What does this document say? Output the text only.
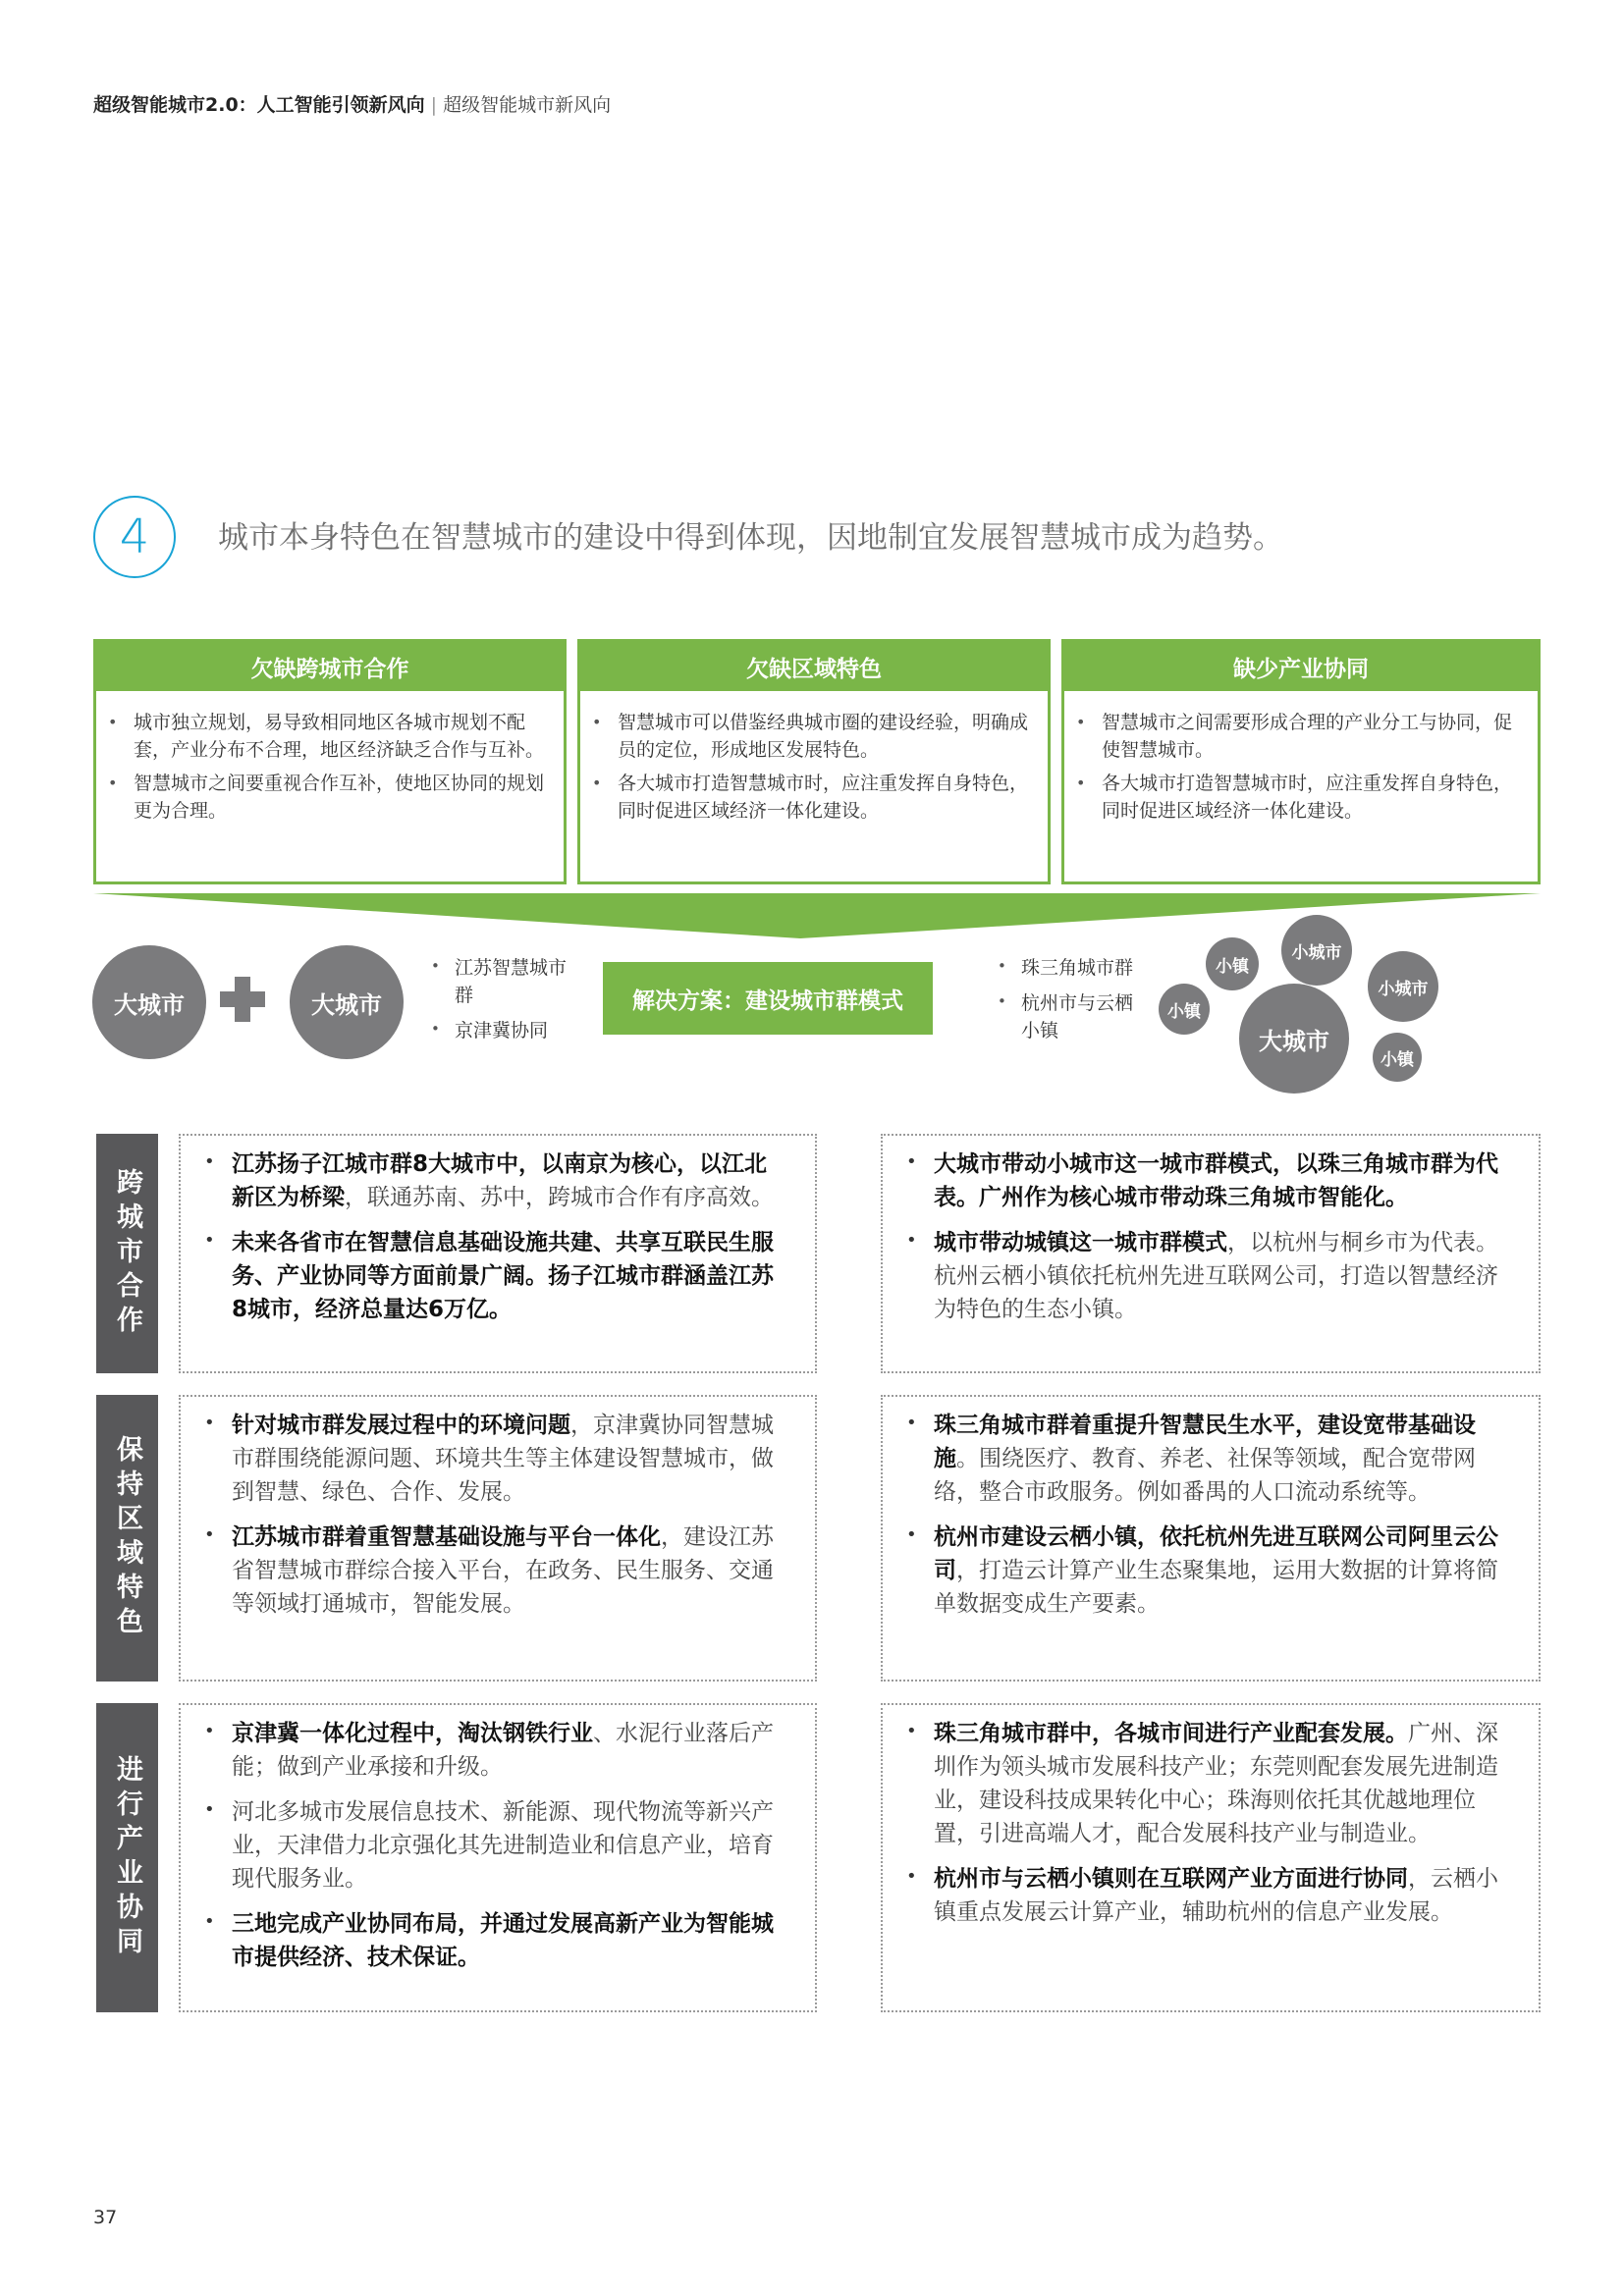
超级智能城市2.0：人工智能引领新风向 | 超级智能城市新风向
4 城市本身特色在智慧城市的建设中得到体现，因地制宜发展智慧城市成为趋势。
欠缺跨城市合作
• 城市独立规划，易导致相同地区各城市规划不配套，产业分布不合理，地区经济缺乏合作与互补。
• 智慧城市之间要重视合作互补，使地区协同的规划更为合理。
欠缺区域特色
• 智慧城市可以借鉴经典城市圈的建设经验，明确成员的定位，形成地区发展特色。
• 各大城市打造智慧城市时，应注重发挥自身特色，同时促进区域经济一体化建设。
缺少产业协同
• 智慧城市之间需要形成合理的产业分工与协同，促使智慧城市。
• 各大城市打造智慧城市时，应注重发挥自身特色，同时促进区域经济一体化建设。
大城市	大城市
• 江苏智慧城市群
• 京津冀协同
解决方案：建设城市群模式
• 珠三角城市群
• 杭州市与云栖小镇	大城市
小城市
小城市
小镇
小镇
小镇
跨城市合作
• 江苏扬子江城市群8大城市中，以南京为核心，以江北新区为桥梁，联通苏南、苏中，跨城市合作有序高效。
• 未来各省市在智慧信息基础设施共建、共享互联民生服务、产业协同等方面前景广阔。扬子江城市群涵盖江苏8城市，经济总量达6万亿。
• 大城市带动小城市这一城市群模式，以珠三角城市群为代表。广州作为核心城市带动珠三角城市智能化。
• 城市带动城镇这一城市群模式，以杭州与桐乡市为代表。 杭州云栖小镇依托杭州先进互联网公司，打造以智慧经济为特色的生态小镇。
保持区域特色
• 针对城市群发展过程中的环境问题，京津冀协同智慧城市群围绕能源问题、环境共生等主体建设智慧城市，做到智慧、绿色、合作、发展。
• 江苏城市群着重智慧基础设施与平台一体化，建设江苏省智慧城市群综合接入平台，在政务、民生服务、交通等领域打通城市，智能发展。
• 珠三角城市群着重提升智慧民生水平，建设宽带基础设施。围绕医疗、教育、养老、社保等领域，配合宽带网络，整合市政服务。例如番禺的人口流动系统等。
• 杭州市建设云栖小镇，依托杭州先进互联网公司阿里云公司，打造云计算产业生态聚集地，运用大数据的计算将简单数据变成生产要素。
进行产业协同
• 京津冀一体化过程中，淘汰钢铁行业、水泥行业落后产能；做到产业承接和升级。
• 河北多城市发展信息技术、新能源、现代物流等新兴产业，天津借力北京强化其先进制造业和信息产业，培育现代服务业。
• 三地完成产业协同布局，并通过发展高新产业为智能城市提供经济、技术保证。
• 珠三角城市群中，各城市间进行产业配套发展。广州、深圳作为领头城市发展科技产业；东莞则配套发展先进制造业，建设科技成果转化中心；珠海则依托其优越地理位置，引进高端人才，配合发展科技产业与制造业。
• 杭州市与云栖小镇则在互联网产业方面进行协同，云栖小镇重点发展云计算产业，辅助杭州的信息产业发展。
37
